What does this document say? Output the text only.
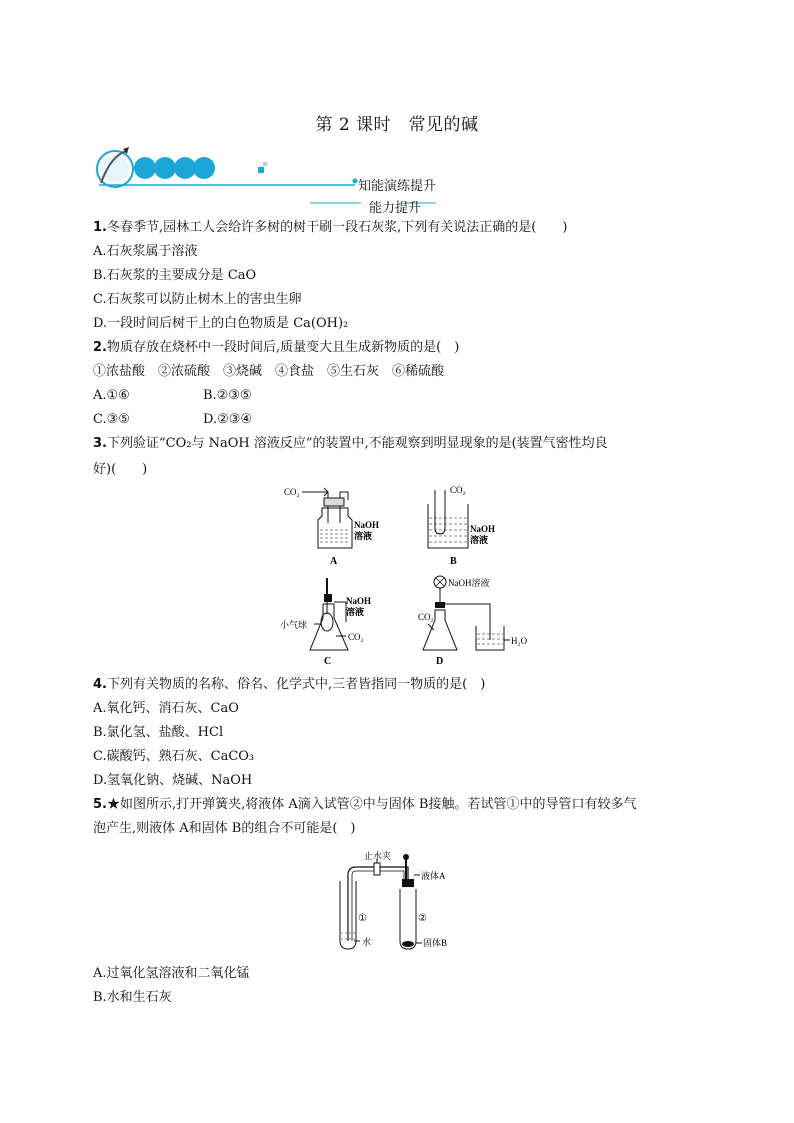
第 2 课时　常见的碱
知能演练提升
能力提升
1.冬春季节,园林工人会给许多树的树干刷一段石灰浆,下列有关说法正确的是(　　)
A.石灰浆属于溶液
B.石灰浆的主要成分是 CaO
C.石灰浆可以防止树木上的害虫生卵
D.一段时间后树干上的白色物质是 Ca(OH)₂
2.物质存放在烧杯中一段时间后,质量变大且生成新物质的是(　)
①浓盐酸　②浓硫酸　③烧碱　④食盐　⑤生石灰　⑥稀硫酸
A.①⑥	B.②③⑤
C.③⑤	D.②③④
3.下列验证“CO₂与 NaOH 溶液反应”的装置中,不能观察到明显现象的是(装置气密性均良
好)(　　)
CO₂
NaOH
溶液
A
CO₂
NaOH
溶液
B
NaOH
溶液
小气球
CO₂
C
NaOH溶液
CO₂
H₂O
D
4.下列有关物质的名称、俗名、化学式中,三者皆指同一物质的是(　)
A.氧化钙、消石灰、CaO
B.氯化氢、盐酸、HCl
C.碳酸钙、熟石灰、CaCO₃
D.氢氧化钠、烧碱、NaOH
5.★如图所示,打开弹簧夹,将液体 A滴入试管②中与固体 B接触。若试管①中的导管口有较多气
泡产生,则液体 A和固体 B的组合不可能是(　)
止水夹
①
水
液体A
②
固体B
A.过氧化氢溶液和二氧化锰
B.水和生石灰
